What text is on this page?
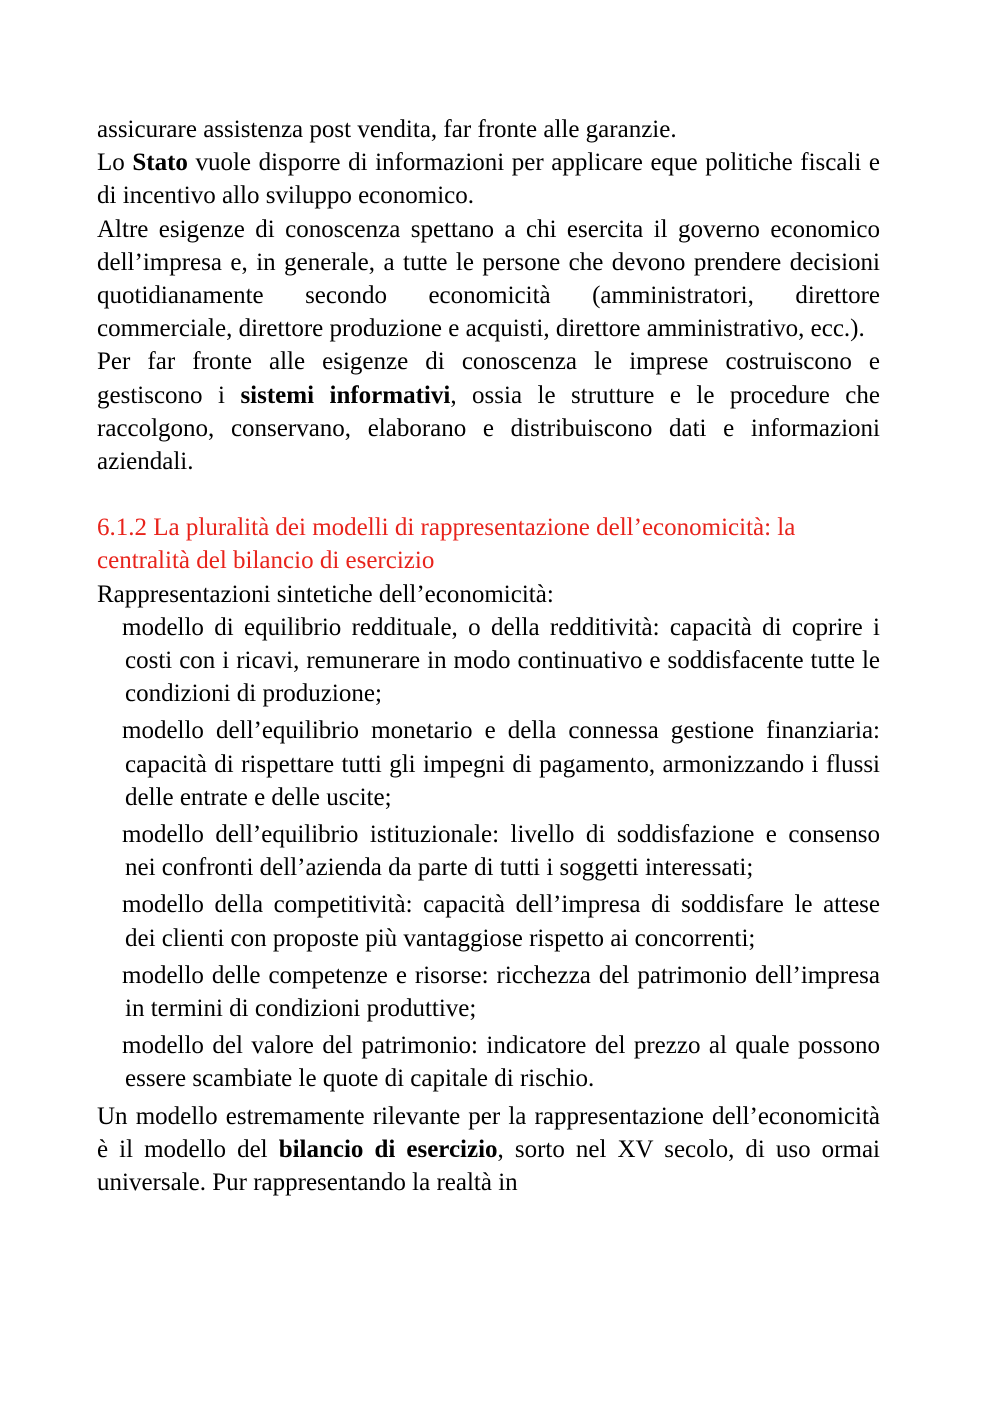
assicurare assistenza post vendita, far fronte alle garanzie.

Lo Stato vuole disporre di informazioni per applicare eque politiche fiscali e di incentivo allo sviluppo economico.

Altre esigenze di conoscenza spettano a chi esercita il governo economico dell’impresa e, in generale, a tutte le persone che devono prendere decisioni quotidianamente secondo economicità (amministratori, direttore commerciale, direttore produzione e acquisti, direttore amministrativo, ecc.).

Per far fronte alle esigenze di conoscenza le imprese costruiscono e gestiscono i sistemi informativi, ossia le strutture e le procedure che raccolgono, conservano, elaborano e distribuiscono dati e informazioni aziendali.

6.1.2 La pluralità dei modelli di rappresentazione dell’economicità: la centralità del bilancio di esercizio

Rappresentazioni sintetiche dell’economicità:

modello di equilibrio reddituale, o della redditività: capacità di coprire i costi con i ricavi, remunerare in modo continuativo e soddisfacente tutte le condizioni di produzione;
modello dell’equilibrio monetario e della connessa gestione finanziaria: capacità di rispettare tutti gli impegni di pagamento, armonizzando i flussi delle entrate e delle uscite;
modello dell’equilibrio istituzionale: livello di soddisfazione e consenso nei confronti dell’azienda da parte di tutti i soggetti interessati;
modello della competitività: capacità dell’impresa di soddisfare le attese dei clienti con proposte più vantaggiose rispetto ai concorrenti;
modello delle competenze e risorse: ricchezza del patrimonio dell’impresa in termini di condizioni produttive;
modello del valore del patrimonio: indicatore del prezzo al quale possono essere scambiate le quote di capitale di rischio.

Un modello estremamente rilevante per la rappresentazione dell’economicità è il modello del bilancio di esercizio, sorto nel XV secolo, di uso ormai universale. Pur rappresentando la realtà in
